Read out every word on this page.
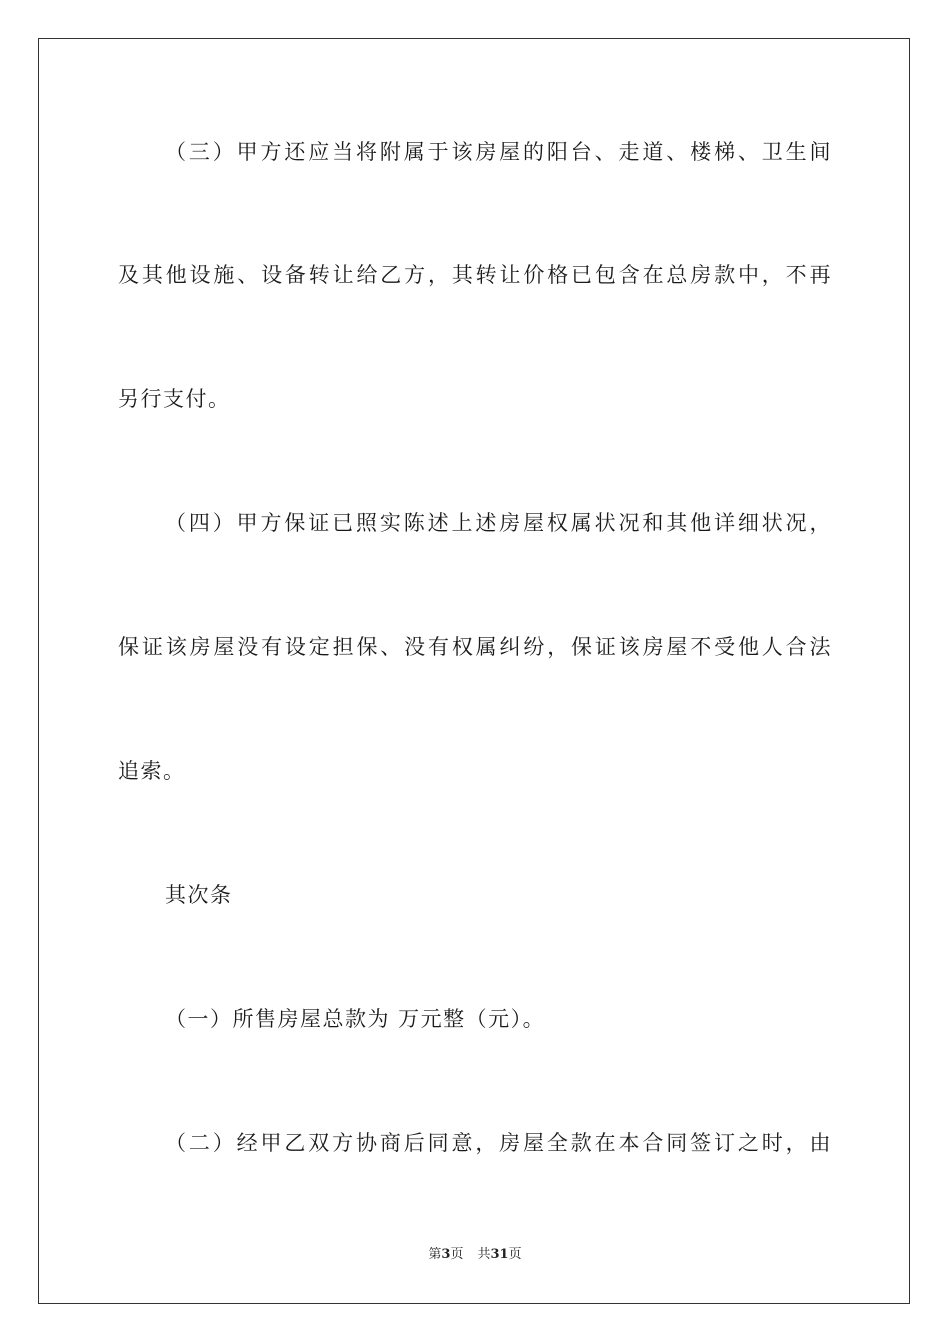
（三）甲方还应当将附属于该房屋的阳台、走道、楼梯、卫生间
及其他设施、设备转让给乙方，其转让价格已包含在总房款中，不再
另行支付。
（四）甲方保证已照实陈述上述房屋权属状况和其他详细状况，
保证该房屋没有设定担保、没有权属纠纷，保证该房屋不受他人合法
追索。
其次条
（一）所售房屋总款为 万元整（元）。
（二）经甲乙双方协商后同意，房屋全款在本合同签订之时，由
第3页 共31页
